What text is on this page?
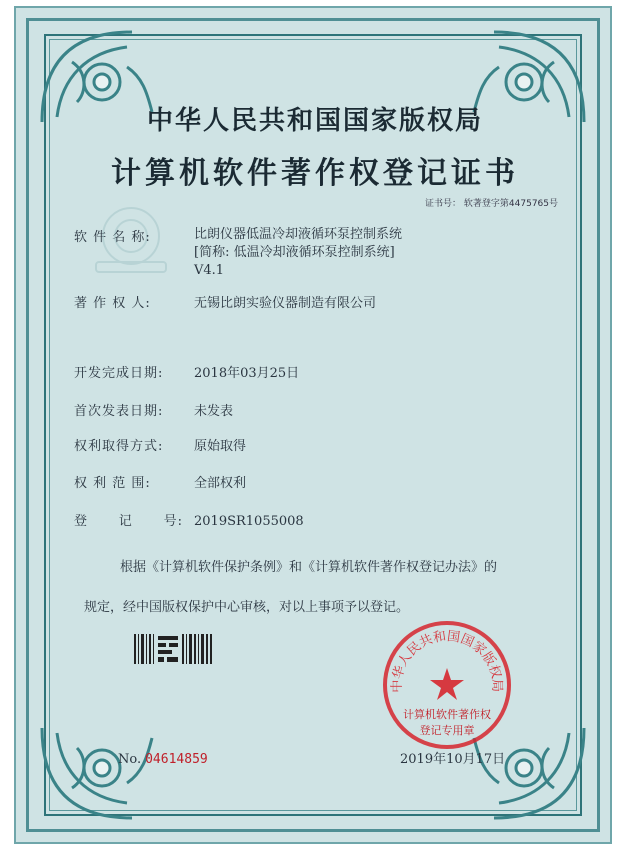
中华人民共和国国家版权局
计算机软件著作权登记证书
证书号： 软著登字第4475765号
软 件 名 称:	比朗仪器低温冷却液循环泵控制系统
[简称: 低温冷却液循环泵控制系统]
V4.1
著 作 权 人:	无锡比朗实验仪器制造有限公司
开发完成日期: 2018年03月25日
首次发表日期: 未发表
权利取得方式: 原始取得
权 利 范 围:	全部权利
登      记      号: 2019SR1055008
根据《计算机软件保护条例》和《计算机软件著作权登记办法》的
规定，经中国版权保护中心审核，对以上事项予以登记。
中华人民共和国国家版权局
计算机软件著作权
登记专用章
No. 04614859	2019年10月17日
